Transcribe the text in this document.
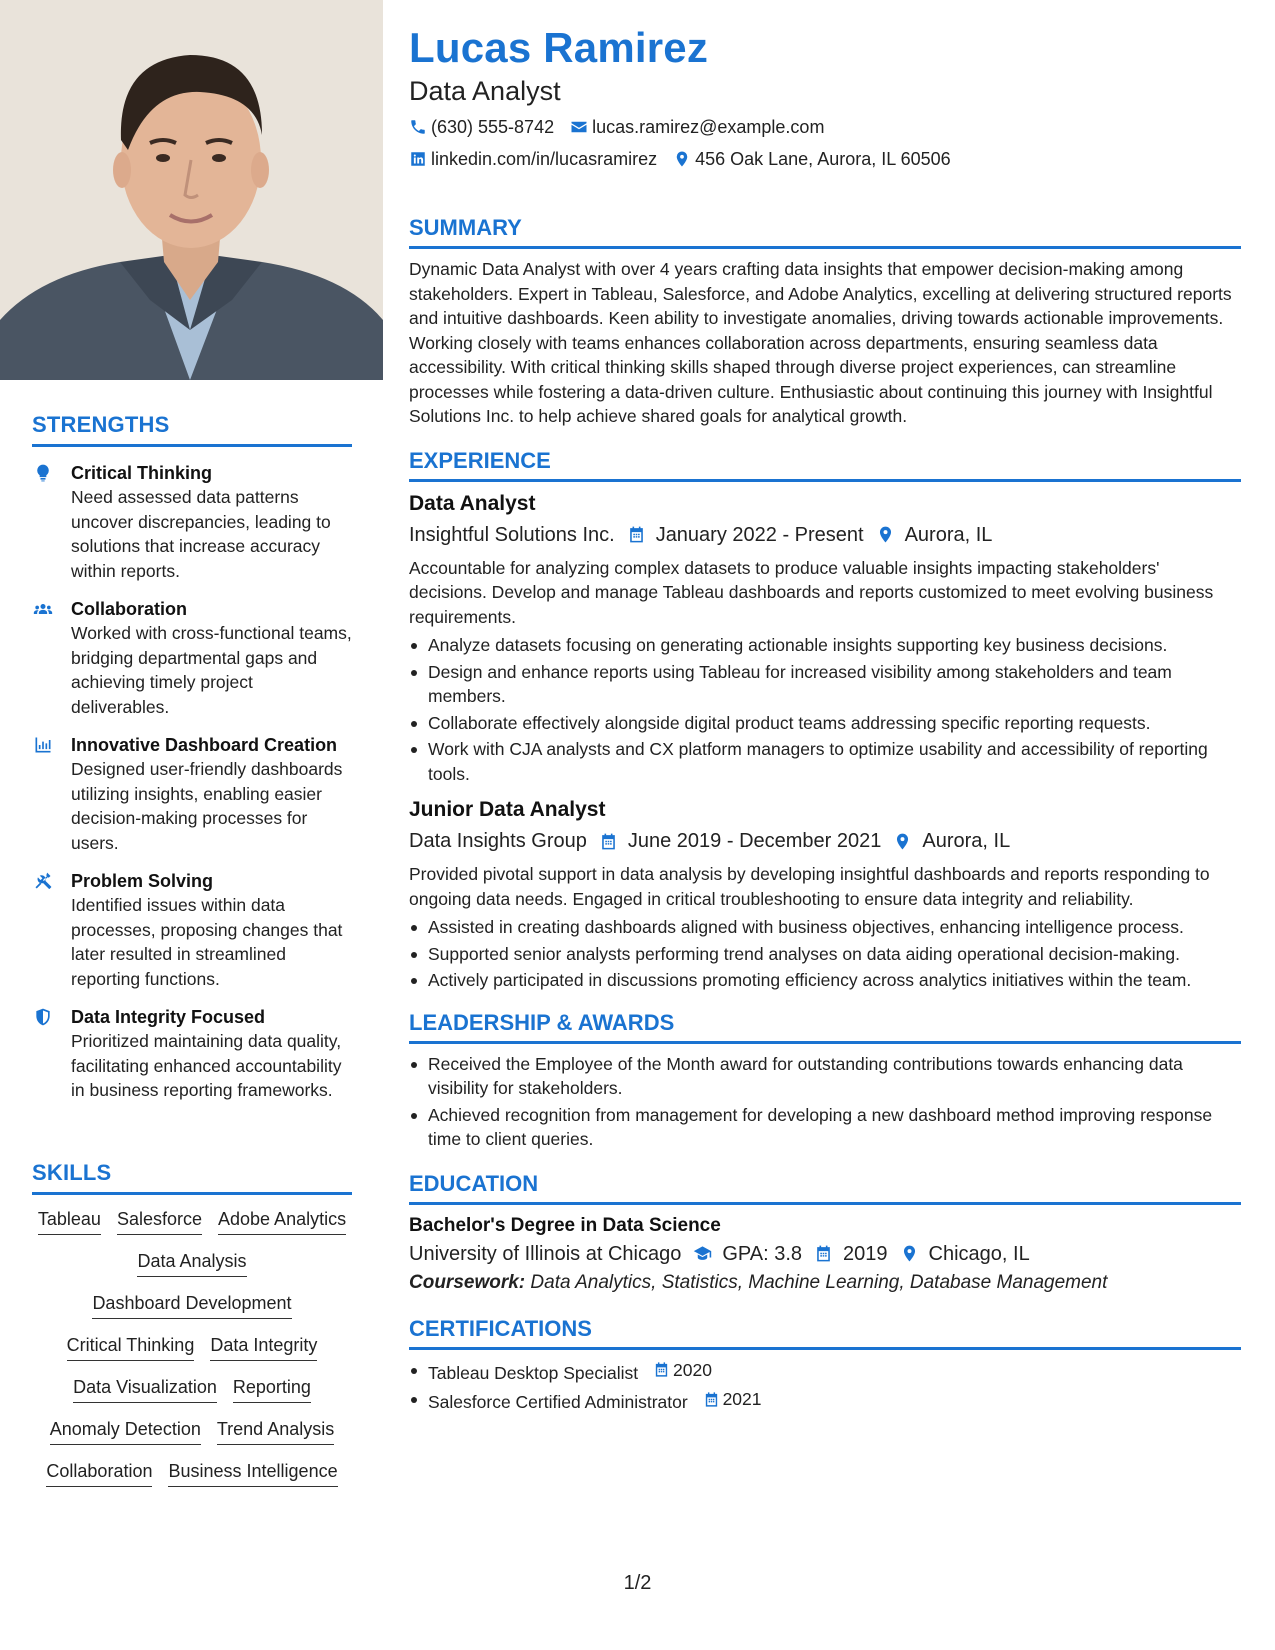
STRENGTHS
Critical Thinking
Need assessed data patterns uncover discrepancies, leading to solutions that increase accuracy within reports.
Collaboration
Worked with cross-functional teams, bridging departmental gaps and achieving timely project deliverables.
Innovative Dashboard Creation
Designed user-friendly dashboards utilizing insights, enabling easier decision-making processes for users.
Problem Solving
Identified issues within data processes, proposing changes that later resulted in streamlined reporting functions.
Data Integrity Focused
Prioritized maintaining data quality, facilitating enhanced accountability in business reporting frameworks.
SKILLS
Tableau Salesforce Adobe Analytics
Data Analysis
Dashboard Development
Critical Thinking Data Integrity
Data Visualization Reporting
Anomaly Detection Trend Analysis
Collaboration Business Intelligence
Lucas Ramirez
Data Analyst
(630) 555-8742 lucas.ramirez@example.com
linkedin.com/in/lucasramirez 456 Oak Lane, Aurora, IL 60506
SUMMARY
Dynamic Data Analyst with over 4 years crafting data insights that empower decision-making among stakeholders. Expert in Tableau, Salesforce, and Adobe Analytics, excelling at delivering structured reports and intuitive dashboards. Keen ability to investigate anomalies, driving towards actionable improvements. Working closely with teams enhances collaboration across departments, ensuring seamless data accessibility. With critical thinking skills shaped through diverse project experiences, can streamline processes while fostering a data-driven culture. Enthusiastic about continuing this journey with Insightful Solutions Inc. to help achieve shared goals for analytical growth.
EXPERIENCE
Data Analyst
Insightful Solutions Inc. January 2022 - Present Aurora, IL
Accountable for analyzing complex datasets to produce valuable insights impacting stakeholders' decisions. Develop and manage Tableau dashboards and reports customized to meet evolving business requirements.
Analyze datasets focusing on generating actionable insights supporting key business decisions.
Design and enhance reports using Tableau for increased visibility among stakeholders and team members.
Collaborate effectively alongside digital product teams addressing specific reporting requests.
Work with CJA analysts and CX platform managers to optimize usability and accessibility of reporting tools.
Junior Data Analyst
Data Insights Group June 2019 - December 2021 Aurora, IL
Provided pivotal support in data analysis by developing insightful dashboards and reports responding to ongoing data needs. Engaged in critical troubleshooting to ensure data integrity and reliability.
Assisted in creating dashboards aligned with business objectives, enhancing intelligence process.
Supported senior analysts performing trend analyses on data aiding operational decision-making.
Actively participated in discussions promoting efficiency across analytics initiatives within the team.
LEADERSHIP & AWARDS
Received the Employee of the Month award for outstanding contributions towards enhancing data visibility for stakeholders.
Achieved recognition from management for developing a new dashboard method improving response time to client queries.
EDUCATION
Bachelor's Degree in Data Science
University of Illinois at Chicago GPA: 3.8 2019 Chicago, IL
Coursework: Data Analytics, Statistics, Machine Learning, Database Management
CERTIFICATIONS
Tableau Desktop Specialist 2020
Salesforce Certified Administrator 2021
1/2
